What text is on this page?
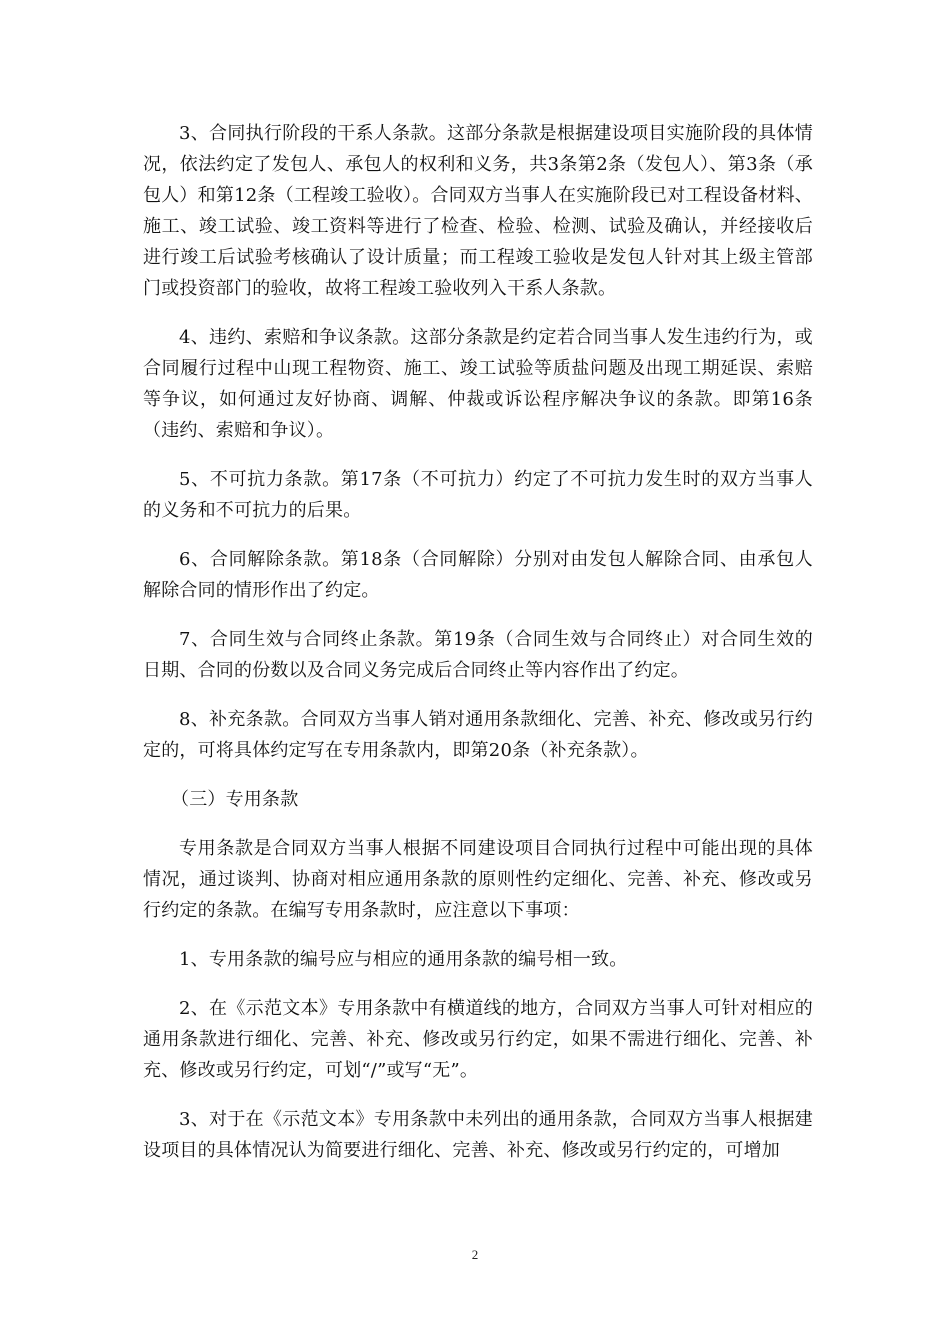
3、合同执行阶段的干系人条款。这部分条款是根据建设项目实施阶段的具体情况，依法约定了发包人、承包人的权利和义务，共3条第2条（发包人）、第3条（承包人）和第12条（工程竣工验收）。合同双方当事人在实施阶段已对工程设备材料、施工、竣工试验、竣工资料等进行了检查、检验、检测、试验及确认，并经接收后进行竣工后试验考核确认了设计质量；而工程竣工验收是发包人针对其上级主管部门或投资部门的验收，故将工程竣工验收列入干系人条款。

4、违约、索赔和争议条款。这部分条款是约定若合同当事人发生违约行为，或合同履行过程中山现工程物资、施工、竣工试验等质盐问题及出现工期延误、索赔等争议，如何通过友好协商、调解、仲裁或诉讼程序解决争议的条款。即第16条（违约、索赔和争议）。

5、不可抗力条款。第17条（不可抗力）约定了不可抗力发生时的双方当事人的义务和不可抗力的后果。

6、合同解除条款。第18条（合同解除）分别对由发包人解除合同、由承包人解除合同的情形作出了约定。

7、合同生效与合同终止条款。第19条（合同生效与合同终止）对合同生效的日期、合同的份数以及合同义务完成后合同终止等内容作出了约定。

8、补充条款。合同双方当事人销对通用条款细化、完善、补充、修改或另行约定的，可将具体约定写在专用条款内，即第20条（补充条款）。

（三）专用条款

专用条款是合同双方当事人根据不同建设项目合同执行过程中可能出现的具体情况，通过谈判、协商对相应通用条款的原则性约定细化、完善、补充、修改或另行约定的条款。在编写专用条款时，应注意以下事项：

1、专用条款的编号应与相应的通用条款的编号相一致。

2、在《示范文本》专用条款中有横道线的地方，合同双方当事人可针对相应的通用条款进行细化、完善、补充、修改或另行约定，如果不需进行细化、完善、补充、修改或另行约定，可划“/”或写“无”。

3、对于在《示范文本》专用条款中未列出的通用条款，合同双方当事人根据建设项目的具体情况认为简要进行细化、完善、补充、修改或另行约定的，可增加

2
